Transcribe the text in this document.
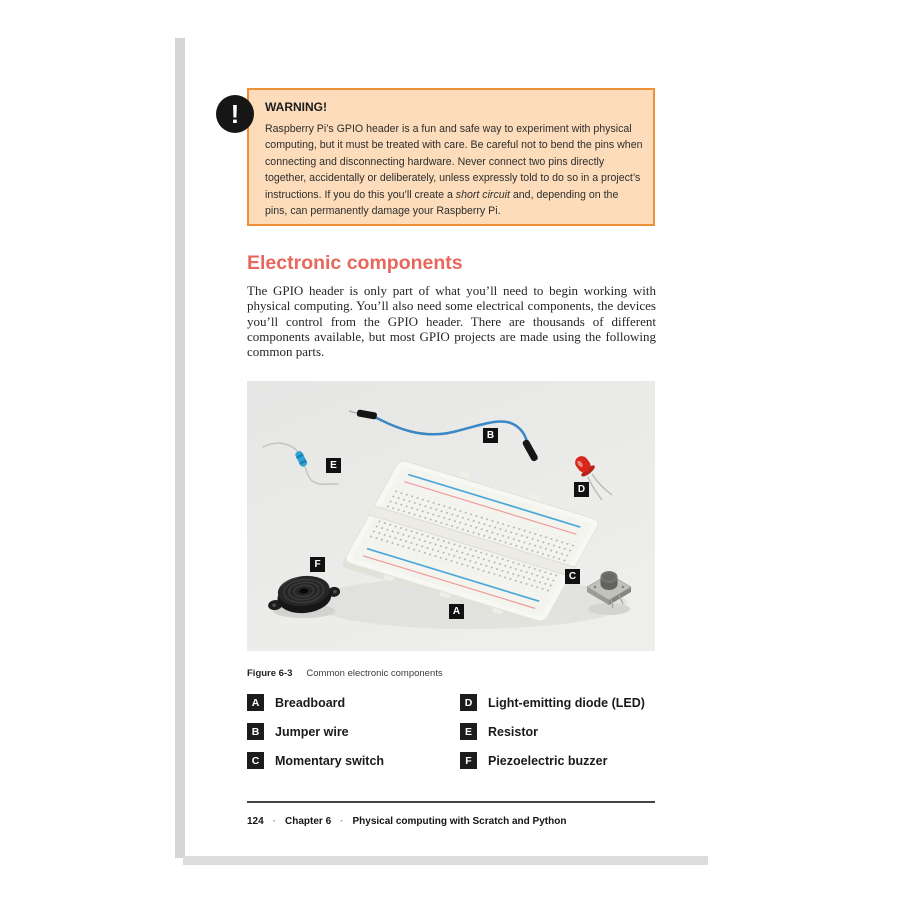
WARNING!
Raspberry Pi’s GPIO header is a fun and safe way to experiment with physical computing, but it must be treated with care. Be careful not to bend the pins when connecting and disconnecting hardware. Never connect two pins directly together, accidentally or deliberately, unless expressly told to do so in a project’s instructions. If you do this you’ll create a short circuit and, depending on the pins, can permanently damage your Raspberry Pi.
!
Electronic components
The GPIO header is only part of what you’ll need to begin working with physical computing. You’ll also need some electrical components, the devices you’ll control from the GPIO header. There are thousands of different components available, but most GPIO projects are made using the following common parts.
A
B
C
D
E
F
Figure 6-3 Common electronic components
A	Breadboard
B	Jumper wire
C	Momentary switch
D	Light-emitting diode (LED)
E	Resistor
F	Piezoelectric buzzer
124 · Chapter 6 · Physical computing with Scratch and Python
